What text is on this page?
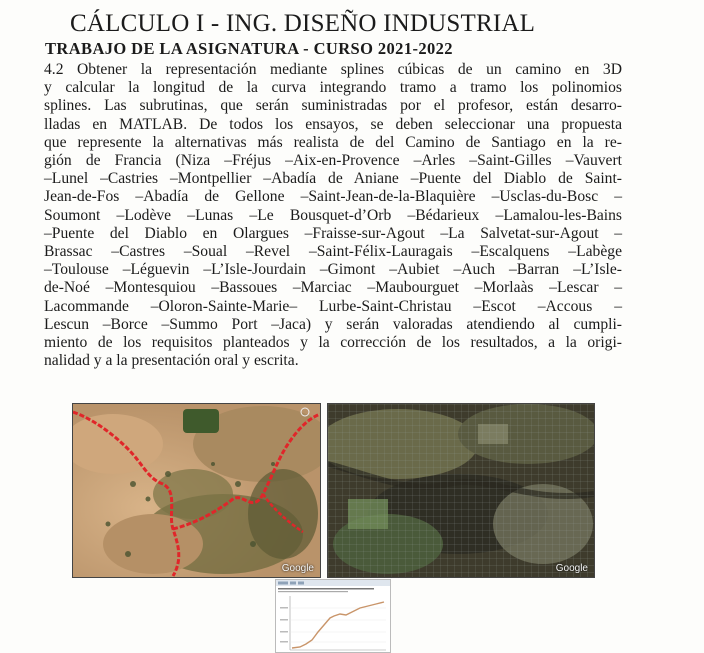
CÁLCULO I - ING. DISEÑO INDUSTRIAL
TRABAJO DE LA ASIGNATURA - CURSO 2021-2022
4.2 Obtener la representación mediante splines cúbicas de un camino en 3D
y calcular la longitud de la curva integrando tramo a tramo los polinomios
splines. Las subrutinas, que serán suministradas por el profesor, están desarro-
lladas en MATLAB. De todos los ensayos, se deben seleccionar una propuesta
que represente la alternativas más realista de del Camino de Santiago en la re-
gión de Francia (Niza –Fréjus –Aix-en-Provence –Arles –Saint-Gilles –Vauvert
–Lunel –Castries –Montpellier –Abadía de Aniane –Puente del Diablo de Saint-
Jean-de-Fos –Abadía de Gellone –Saint-Jean-de-la-Blaquière –Usclas-du-Bosc –
Soumont –Lodève –Lunas –Le Bousquet-d’Orb –Bédarieux –Lamalou-les-Bains
–Puente del Diablo en Olargues –Fraisse-sur-Agout –La Salvetat-sur-Agout –
Brassac –Castres –Soual –Revel –Saint-Félix-Lauragais –Escalquens –Labège
–Toulouse –Léguevin –L’Isle-Jourdain –Gimont –Aubiet –Auch –Barran –L’Isle-
de-Noé –Montesquiou –Bassoues –Marciac –Maubourguet –Morlaàs –Lescar –
Lacommande –Oloron-Sainte-Marie– Lurbe-Saint-Christau –Escot –Accous –
Lescun –Borce –Summo Port –Jaca) y serán valoradas atendiendo al cumpli-
miento de los requisitos planteados y la corrección de los resultados, a la origi-
nalidad y a la presentación oral y escrita.
Google	Google
